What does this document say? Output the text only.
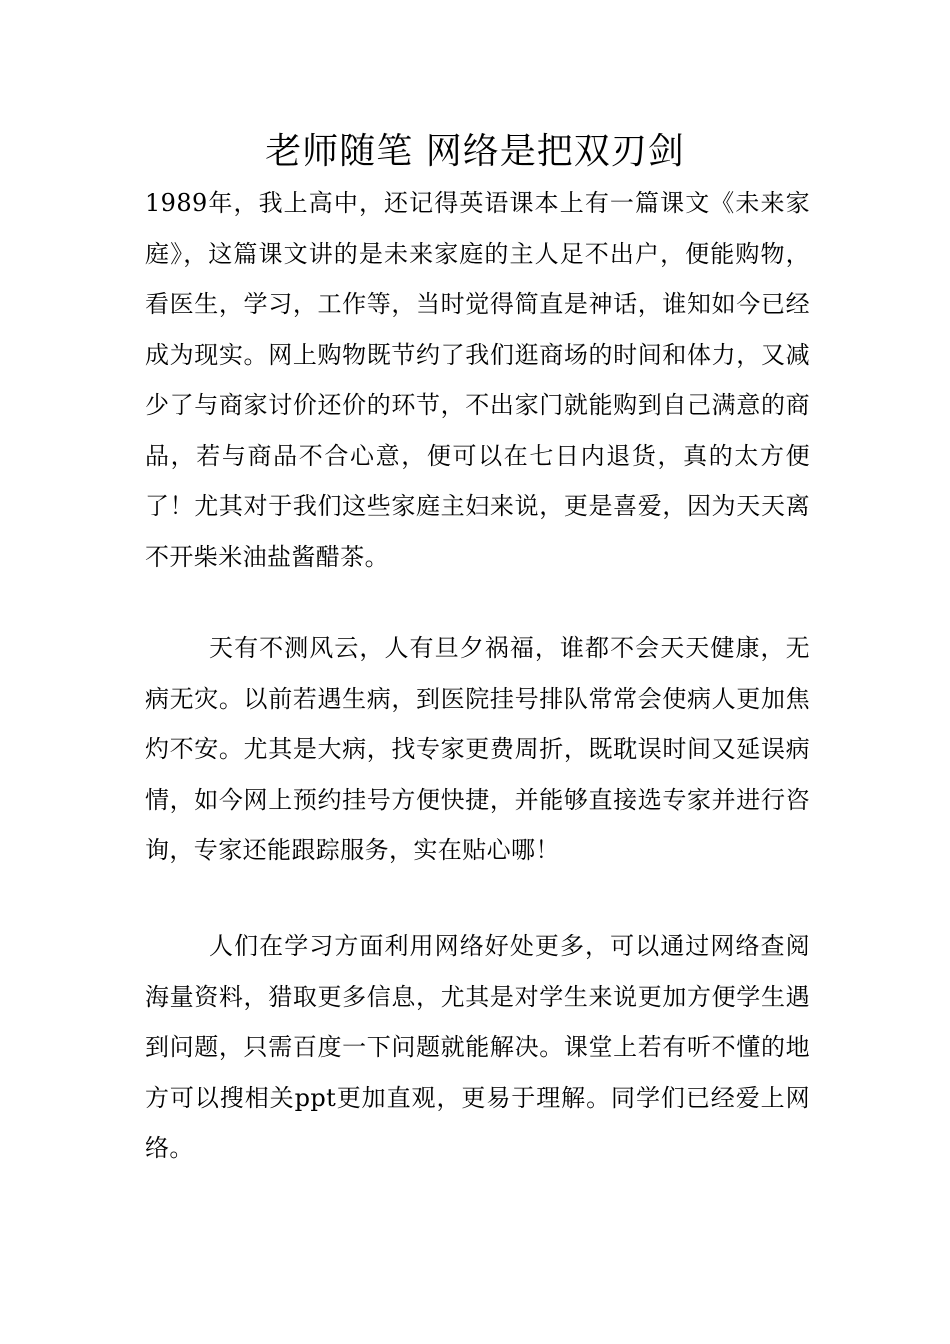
老师随笔 网络是把双刃剑

1989年，我上高中，还记得英语课本上有一篇课文《未来家庭》，这篇课文讲的是未来家庭的主人足不出户，便能购物，看医生，学习，工作等，当时觉得简直是神话，谁知如今已经成为现实。网上购物既节约了我们逛商场的时间和体力，又减少了与商家讨价还价的环节，不出家门就能购到自己满意的商品，若与商品不合心意，便可以在七日内退货，真的太方便了！尤其对于我们这些家庭主妇来说，更是喜爱，因为天天离不开柴米油盐酱醋茶。

天有不测风云，人有旦夕祸福，谁都不会天天健康，无病无灾。以前若遇生病，到医院挂号排队常常会使病人更加焦灼不安。尤其是大病，找专家更费周折，既耽误时间又延误病情，如今网上预约挂号方便快捷，并能够直接选专家并进行咨询，专家还能跟踪服务，实在贴心哪！

人们在学习方面利用网络好处更多，可以通过网络查阅海量资料，猎取更多信息，尤其是对学生来说更加方便学生遇到问题，只需百度一下问题就能解决。课堂上若有听不懂的地方可以搜相关ppt更加直观，更易于理解。同学们已经爱上网络。
